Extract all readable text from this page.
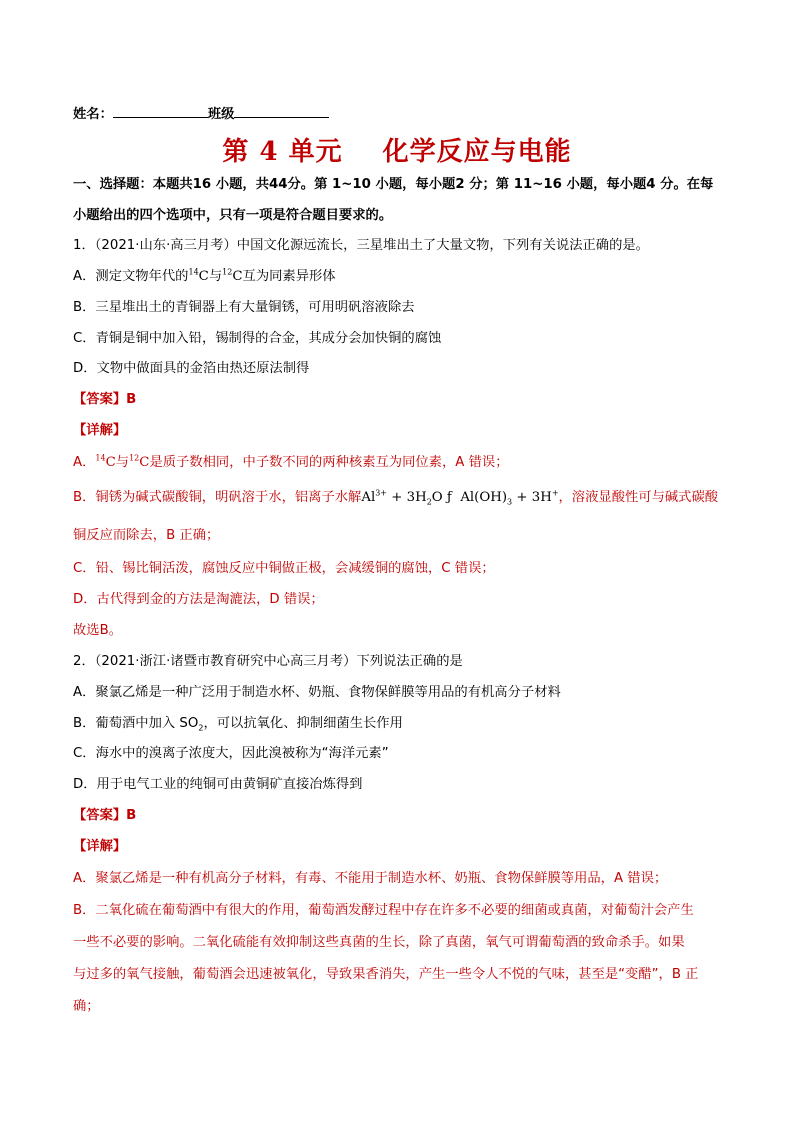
姓名：	班级
第 4 单元 化学反应与电能
一、选择题：本题共16 小题，共44分。第 1~10 小题，每小题2 分；第 11~16 小题，每小题4 分。在每
小题给出的四个选项中，只有一项是符合题目要求的。
1．（2021·山东·高三月考）中国文化源远流长，三星堆出土了大量文物，下列有关说法正确的是。
A．测定文物年代的$^{14}$C与$^{12}$C互为同素异形体
B．三星堆出土的青铜器上有大量铜锈，可用明矾溶液除去
C．青铜是铜中加入铅，锡制得的合金，其成分会加快铜的腐蚀
D．文物中做面具的金箔由热还原法制得
【答案】B
【详解】
A．$^{14}$C与$^{12}$C是质子数相同，中子数不同的两种核素互为同位素，A 错误；
B．铜锈为碱式碳酸铜，明矾溶于水，铝离子水解$Al^{3+} + 3H_2O$ ƒ $Al(OH)_3 + 3H^+$，溶液显酸性可与碱式碳酸
铜反应而除去，B 正确；
C．铅、锡比铜活泼，腐蚀反应中铜做正极，会减缓铜的腐蚀，C 错误；
D．古代得到金的方法是淘漉法，D 错误；
故选B。
2．（2021·浙江·诸暨市教育研究中心高三月考）下列说法正确的是
A．聚氯乙烯是一种广泛用于制造水杯、奶瓶、食物保鲜膜等用品的有机高分子材料
B．葡萄酒中加入 $SO_2$，可以抗氧化、抑制细菌生长作用
C．海水中的溴离子浓度大，因此溴被称为“海洋元素”
D．用于电气工业的纯铜可由黄铜矿直接冶炼得到
【答案】B
【详解】
A．聚氯乙烯是一种有机高分子材料，有毒、不能用于制造水杯、奶瓶、食物保鲜膜等用品，A 错误；
B．二氧化硫在葡萄酒中有很大的作用，葡萄酒发酵过程中存在许多不必要的细菌或真菌，对葡萄汁会产生
一些不必要的影响。二氧化硫能有效抑制这些真菌的生长，除了真菌，氧气可谓葡萄酒的致命杀手。如果
与过多的氧气接触，葡萄酒会迅速被氧化，导致果香消失，产生一些令人不悦的气味，甚至是“变醋”，B 正
确；
